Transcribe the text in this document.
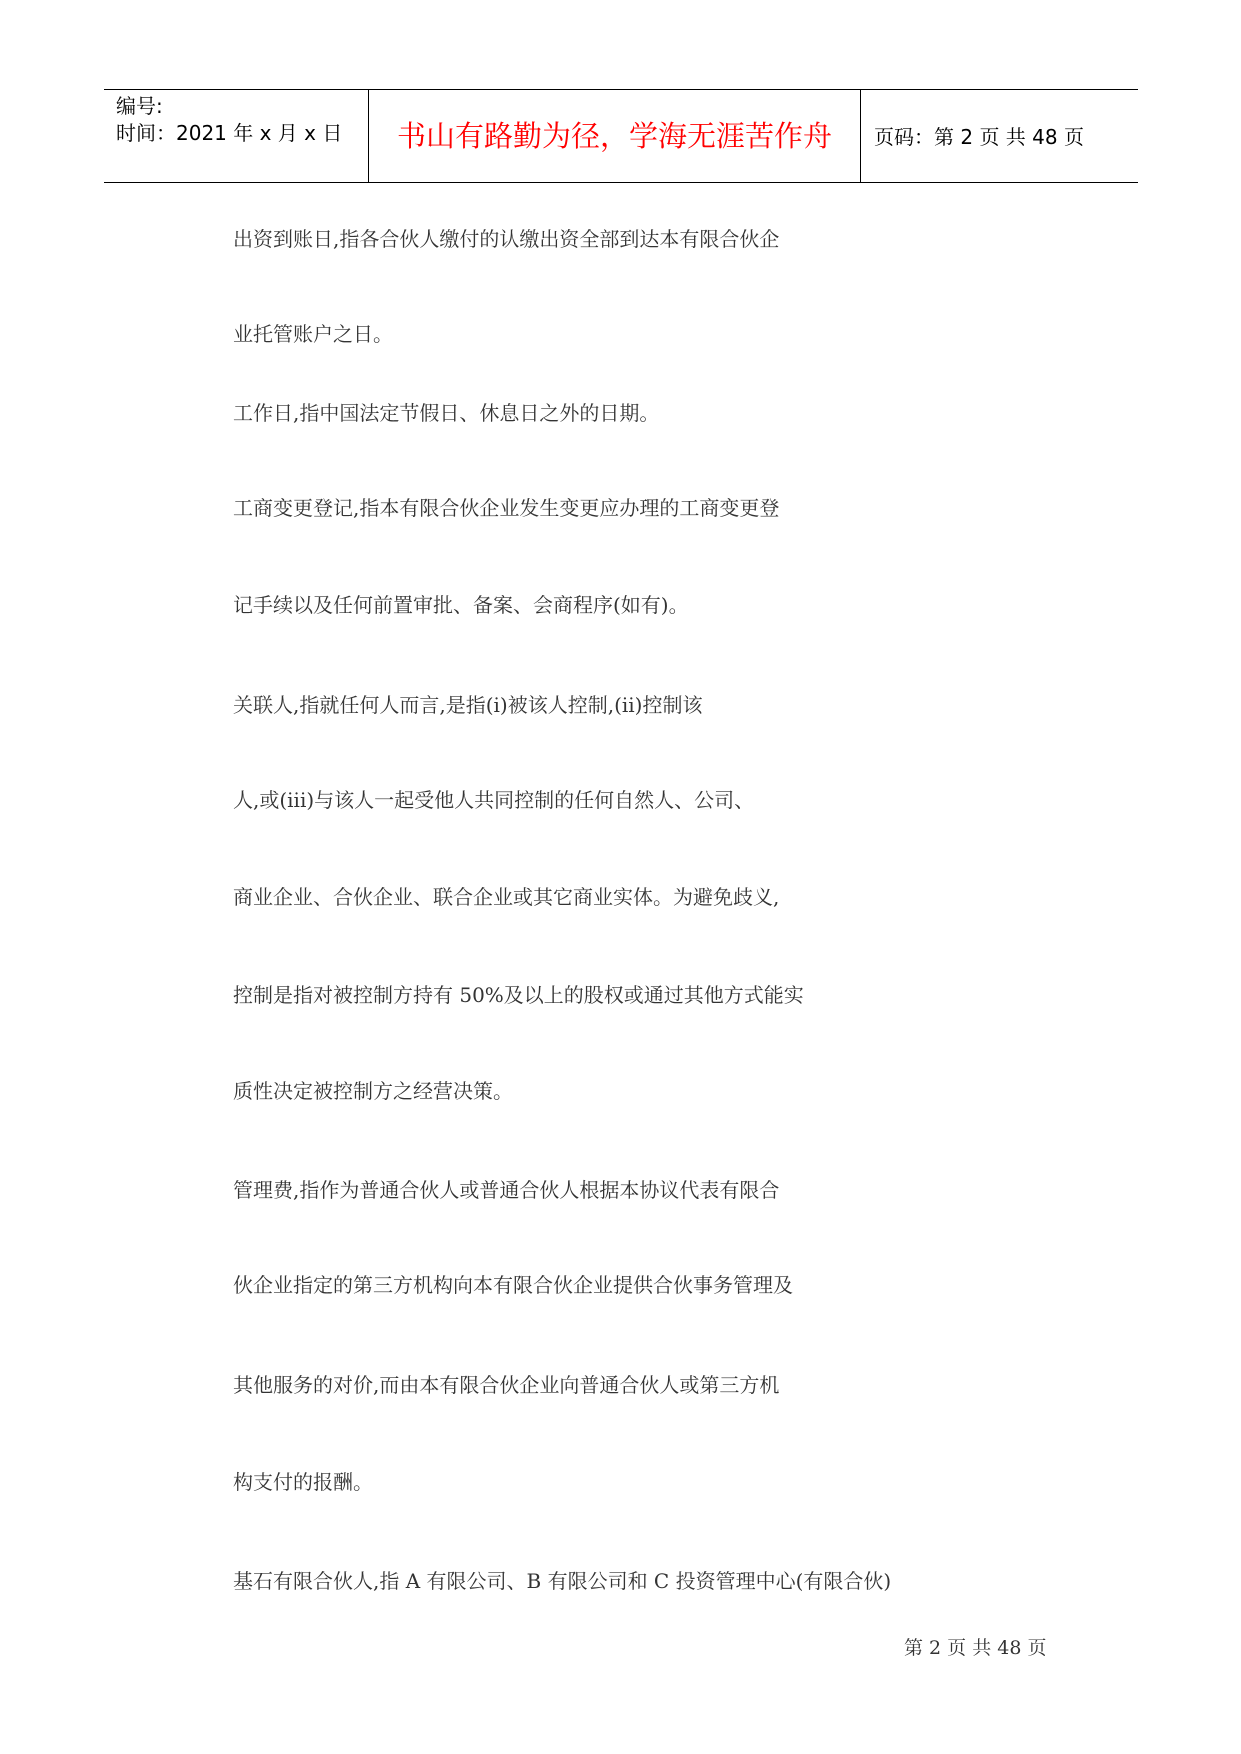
编号:
时间：2021 年 x 月 x 日	书山有路勤为径，学海无涯苦作舟	页码：第 2 页 共 48 页

出资到账日,指各合伙人缴付的认缴出资全部到达本有限合伙企

业托管账户之日。

工作日,指中国法定节假日、休息日之外的日期。

工商变更登记,指本有限合伙企业发生变更应办理的工商变更登

记手续以及任何前置审批、备案、会商程序(如有)。

关联人,指就任何人而言,是指(i)被该人控制,(ii)控制该

人,或(iii)与该人一起受他人共同控制的任何自然人、公司、

商业企业、合伙企业、联合企业或其它商业实体。为避免歧义,

控制是指对被控制方持有 50%及以上的股权或通过其他方式能实

质性决定被控制方之经营决策。

管理费,指作为普通合伙人或普通合伙人根据本协议代表有限合

伙企业指定的第三方机构向本有限合伙企业提供合伙事务管理及

其他服务的对价,而由本有限合伙企业向普通合伙人或第三方机

构支付的报酬。

基石有限合伙人,指 A 有限公司、B 有限公司和 C 投资管理中心(有限合伙)

第 2 页 共 48 页
